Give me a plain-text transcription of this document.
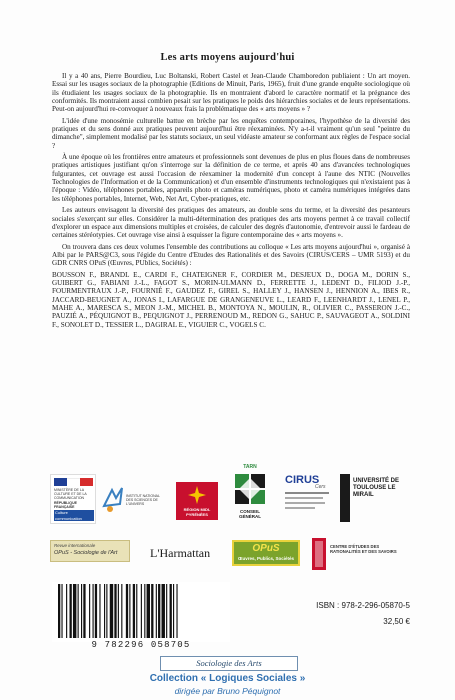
Les arts moyens aujourd'hui

Il y a 40 ans, Pierre Bourdieu, Luc Boltanski, Robert Castel et Jean-Claude Chamboredon publiaient : Un art moyen. Essai sur les usages sociaux de la photographie (Editions de Minuit, Paris, 1965), fruit d'une grande enquête sociologique où ils étudiaient les usages sociaux de la photographie. Ils en montraient d'abord le caractère normatif et la prégnance des conformités. Ils montraient aussi combien pesait sur les pratiques le poids des hiérarchies sociales et de leurs représentations. Peut-on aujourd'hui re-convoquer à nouveaux frais la problématique des « arts moyens » ?

L'idée d'une monosémie culturelle battue en brèche par les enquêtes contemporaines, l'hypothèse de la diversité des pratiques et du sens donné aux pratiques peuvent aujourd'hui être réexaminées. N'y a-t-il vraiment qu'un seul "peintre du dimanche", simplement modalisé par les statuts sociaux, un seul vidéaste amateur se conformant aux règles de l'espace social ?

À une époque où les frontières entre amateurs et professionnels sont devenues de plus en plus floues dans de nombreuses pratiques artistiques justifiant qu'on s'interroge sur la définition de ce terme, et après 40 ans d'avancées technologiques fulgurantes, cet ouvrage est aussi l'occasion de réexaminer la modernité d'un concept à l'aune des NTIC (Nouvelles Technologies de l'Information et de la Communication) et d'un ensemble d'instruments technologiques qui n'existaient pas à l'époque : Vidéo, téléphones portables, appareils photo et caméras numériques, photo et caméra numériques intégrées dans les téléphones portables, Internet, Web, Net Art, Cyber-pratiques, etc.

Les auteurs envisagent la diversité des pratiques des amateurs, au double sens du terme, et la diversité des pesanteurs sociales s'exerçant sur elles. Considérer la multi-détermination des pratiques des arts moyens permet à ce travail collectif d'explorer un espace aux dimensions multiples et croisées, de calculer des degrés d'autonomie, d'entrevoir aussi le fardeau de certaines stéréotypies. Cet ouvrage vise ainsi à esquisser la figure contemporaine des « arts moyens ».

On trouvera dans ces deux volumes l'ensemble des contributions au colloque « Les arts moyens aujourd'hui », organisé à Albi par le PARS@C3, sous l'égide du Centre d'Etudes des Rationalités et des Savoirs (CIRUS/CERS – UMR 5193) et du GDR CNRS OPuS (Œuvres, PUblics, Sociétés) :

BOUSSON F., BRANDL E., CARDI F., CHATEIGNER F., CORDIER M., DESJEUX D., DOGA M., DORIN S., GUIBERT G., FABIANI J.-L., FAGOT S., MORIN-ULMANN D., FERRETTE J., LEDENT D., FILIOD J.-P., FOURMENTRAUX J.-P., FOURNIÉ F., GAUDEZ F., GIREL S., HALLEY J., HANSEN J., HENNION A., IBES R., JACCARD-BEUGNET A., JONAS I., LAFARGUE DE GRANGENEUVE L., LEARD F., LEENHARDT J., LENEL P., MAHE A., MARESCA S., MEON J.-M., MICHEL B., MONTOYA N., MOULIN, R., OLIVIER C., PASSERON J.-C., PAUZIÉ A., PÉQUIGNOT B., PEQUIGNOT J., PERRENOUD M., REDON G., SAHUC P., SAUVAGEOT A., SOLDINI F., SONOLET D., TESSIER L., DAGIRAL E., VIGUIER C., VOGELS C.

MINISTÈRE DE LA CULTURE ET DE LA COMMUNICATION
RÉPUBLIQUE FRANÇAISE
Culture communication
INSTITUT NATIONAL DES SCIENCES DE L'UNIVERS
RÉGION MIDI-PYRÉNÉES
TARN
CONSEIL GÉNÉRAL
CIRUS
Cers
UNIVERSITÉ DE TOULOUSE LE MIRAIL
Revue internationale
OPuS - Sociologie de l'Art	L'Harmattan	OPuS
Œuvres, Publics, Sociétés
CENTRE D'ÉTUDES DES RATIONALITÉS ET DES SAVOIRS
9 782296 058705
ISBN : 978-2-296-05870-5
32,50 €
Sociologie des Arts
Collection « Logiques Sociales »
dirigée par Bruno Péquignot
